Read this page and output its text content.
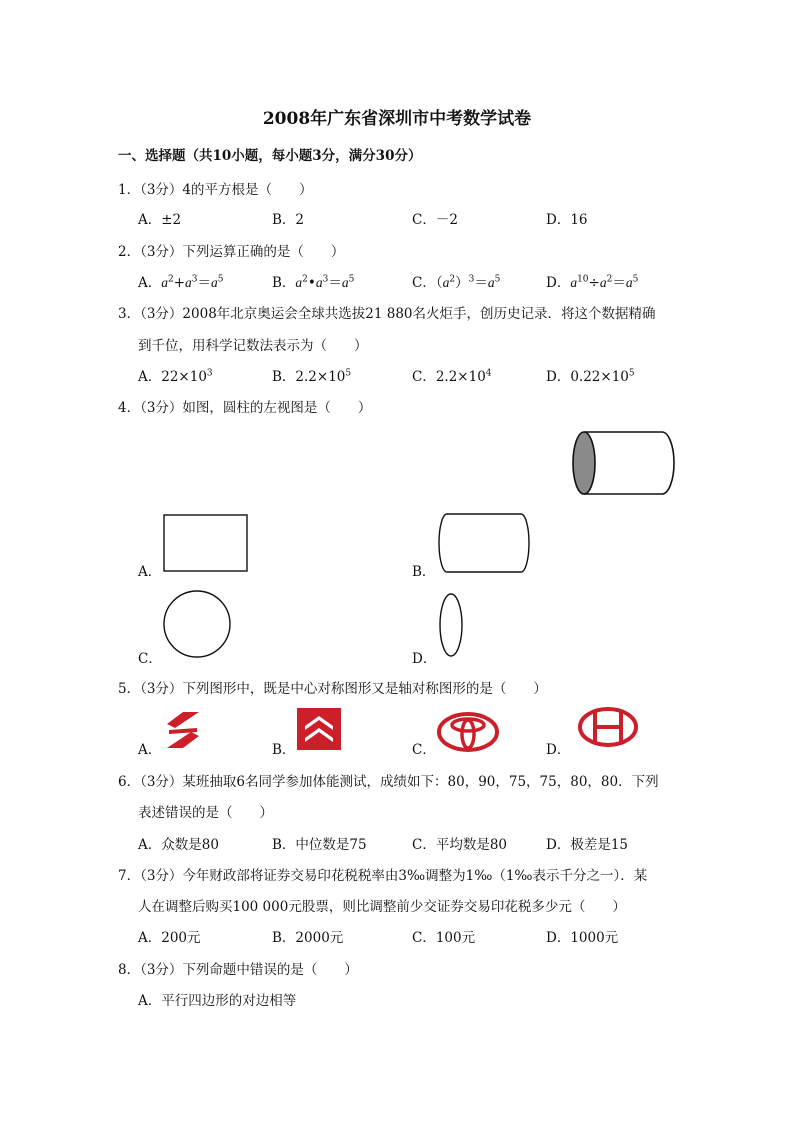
2008年广东省深圳市中考数学试卷
一、选择题（共10小题，每小题3分，满分30分）
1．（3分）4的平方根是（　　）
A．±2	B．2	C．－2	D．16
2．（3分）下列运算正确的是（　　）
A．$a^2+a^3=a^5$	B．$a^2•a^3=a^5$	C．$(a^2)^3=a^5$	D．$a^{10}\div a^2=a^5$
3．（3分）2008年北京奥运会全球共选拔21 880名火炬手，创历史记录．将这个数据精确
到千位，用科学记数法表示为（　　）
A．$22\times 10^3$	B．$2.2\times 10^5$	C．$2.2\times 10^4$	D．$0.22\times 10^5$
4．（3分）如图，圆柱的左视图是（　　）
A．	B．
C．	D．
5．（3分）下列图形中，既是中心对称图形又是轴对称图形的是（　　）
A．	B．	C．	D．
6．（3分）某班抽取6名同学参加体能测试，成绩如下：80，90，75，75，80，80．下列
表述错误的是（　　）
A．众数是80	B．中位数是75	C．平均数是80	D．极差是15
7．（3分）今年财政部将证券交易印花税税率由3‰调整为1‰（1‰表示千分之一）．某
人在调整后购买100 000元股票，则比调整前少交证券交易印花税多少元（　　）
A．200元	B．2000元	C．100元	D．1000元
8．（3分）下列命题中错误的是（　　）
A．平行四边形的对边相等
